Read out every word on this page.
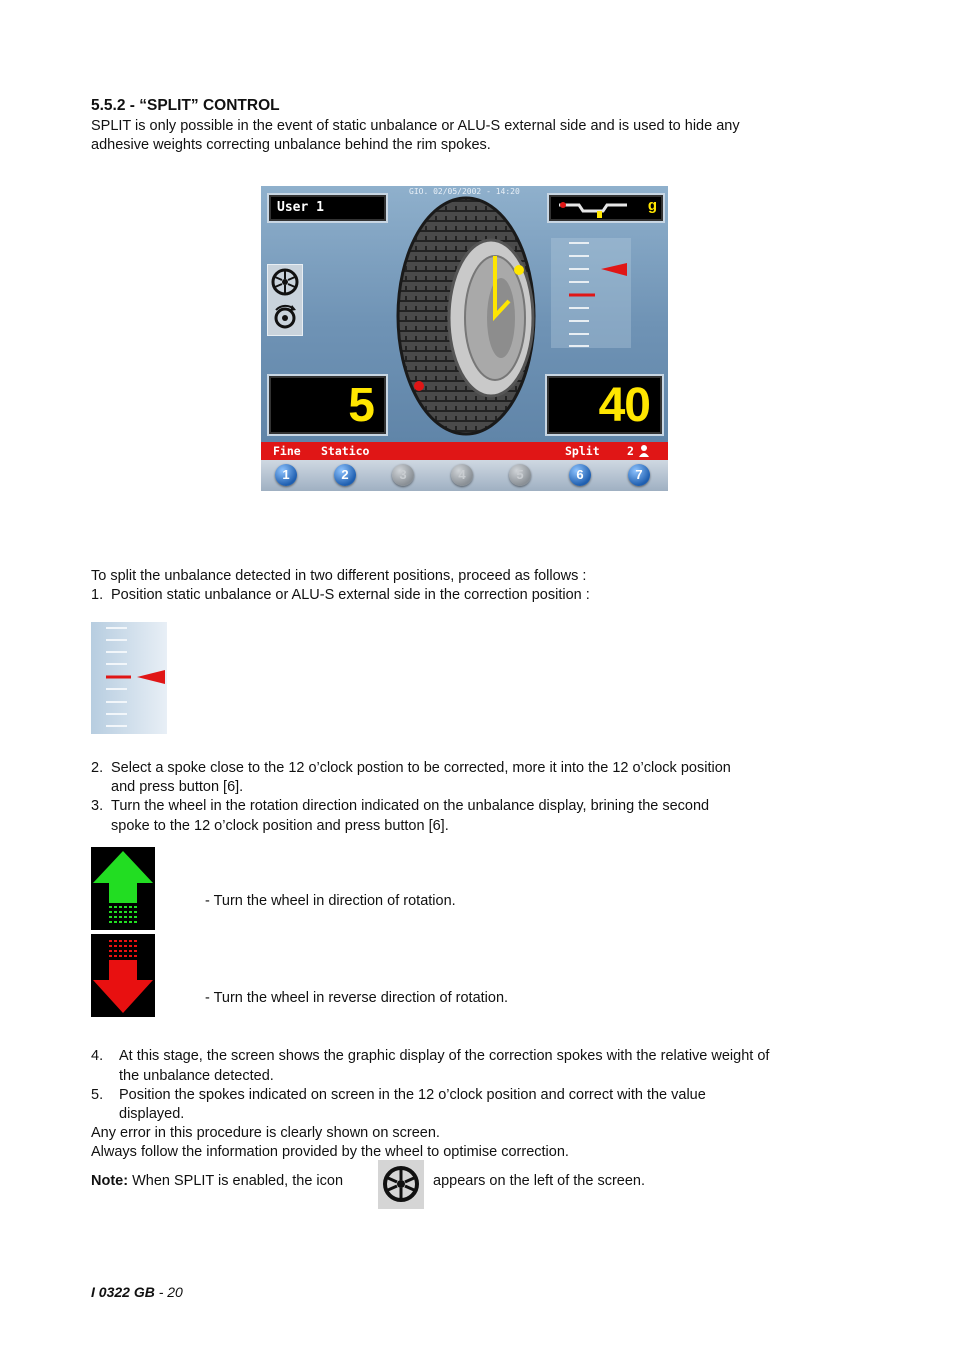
5.5.2 - “SPLIT” CONTROL
SPLIT is only possible in the event of static unbalance or ALU-S external side and is used to hide any
adhesive weights correcting unbalance behind the rim spokes.
GIO. 02/05/2002 - 14:20
User 1	g
5	40
Fine Statico	Split 2
1	2	3	4	5	6	7
To split the unbalance detected in two different positions, proceed as follows :
1. Position static unbalance or ALU-S external side in the correction position :
2. Select a spoke close to the 12 o’clock postion to be corrected, more it into the 12 o’clock position
and press button [6].
3. Turn the wheel in the rotation direction indicated on the unbalance display, brining the second
spoke to the 12 o’clock position and press button [6].
- Turn the wheel in direction of rotation.
- Turn the wheel in reverse direction of rotation.
4. At this stage, the screen shows the graphic display of the correction spokes with the relative weight of
the unbalance detected.
5. Position the spokes indicated on screen in the 12 o’clock position and correct with the value
displayed.
Any error in this procedure is clearly shown on screen.
Always follow the information provided by the wheel to optimise correction.
Note: When SPLIT is enabled, the icon	appears on the left of the screen.
I 0322 GB - 20
